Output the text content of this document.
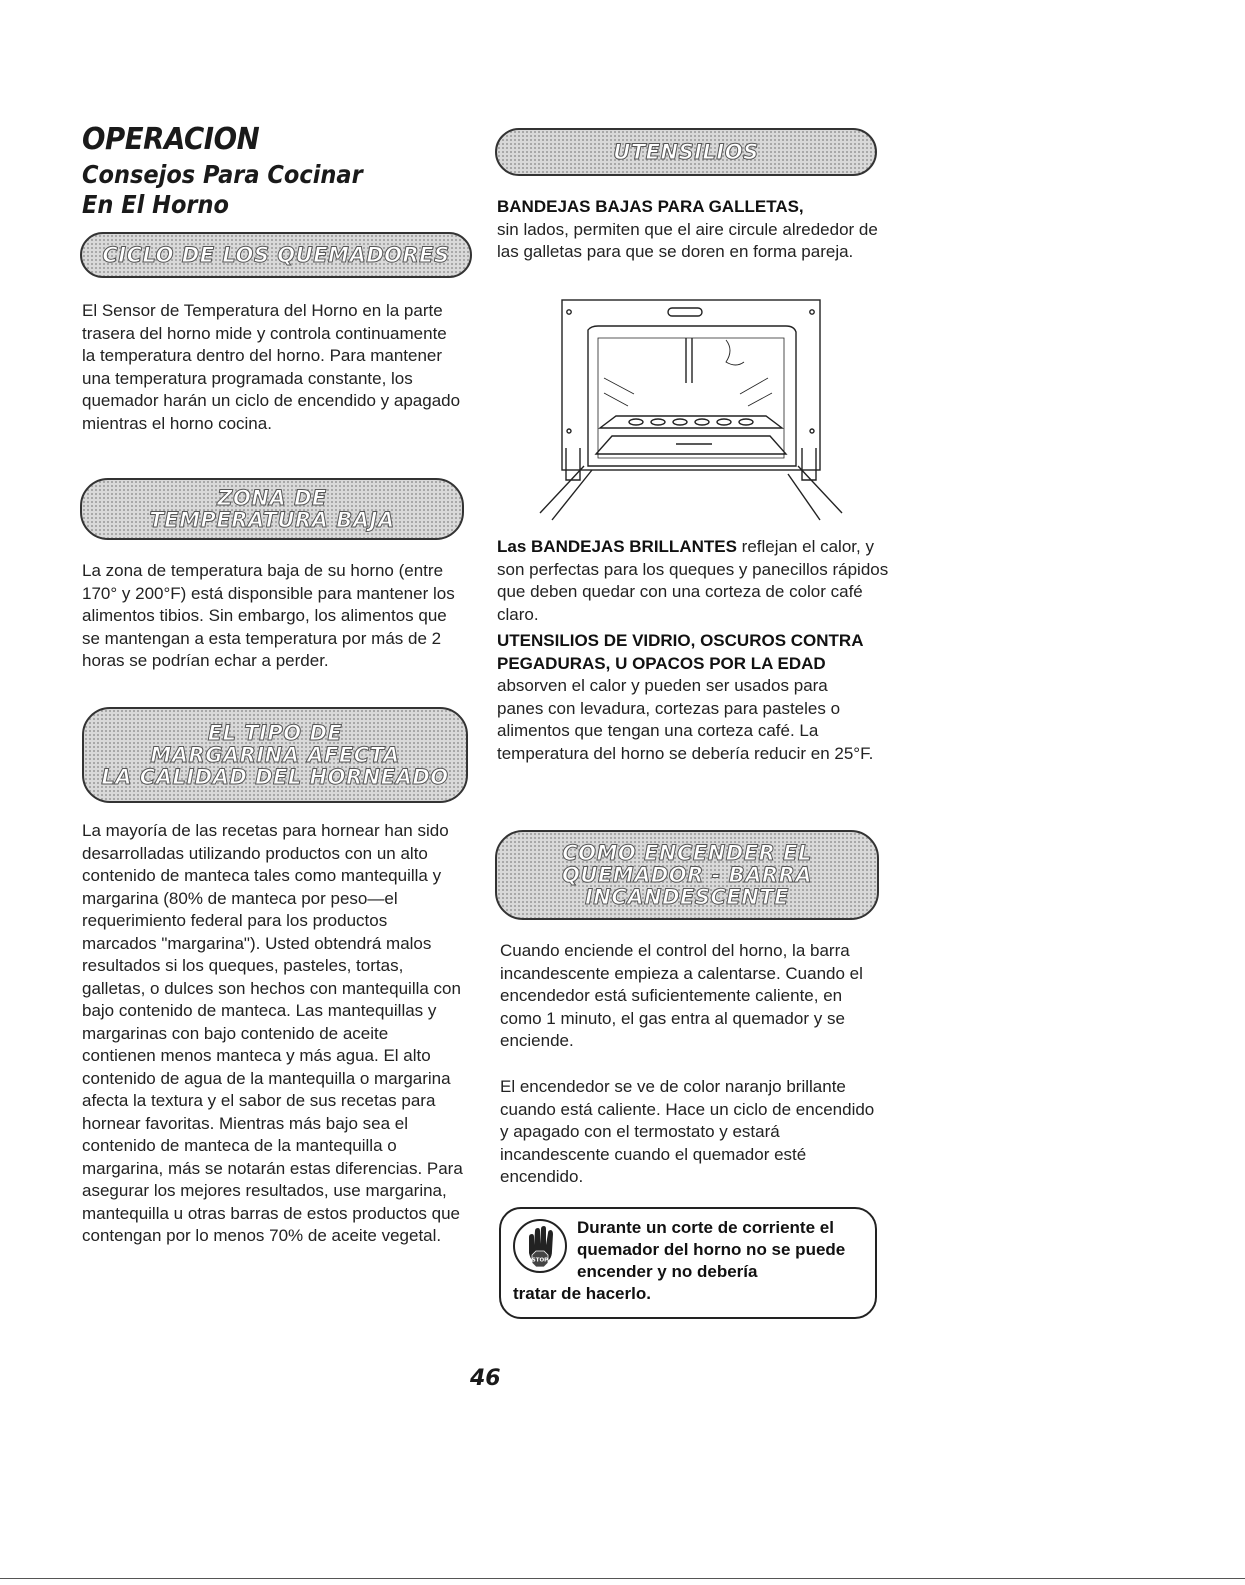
OPERACION
Consejos Para Cocinar
En El Horno
CICLO DE LOS QUEMADORES

El Sensor de Temperatura del Horno en la parte trasera del horno mide y controla continuamente la temperatura dentro del horno. Para mantener una temperatura programada constante, los quemador harán un ciclo de encendido y apagado mientras el horno cocina.

ZONA DE
TEMPERATURA BAJA

La zona de temperatura baja de su horno (entre 170° y 200°F) está disponsible para mantener los alimentos tibios. Sin embargo, los alimentos que se mantengan a esta temperatura por más de 2 horas se podrían echar a perder.

EL TIPO DE
MARGARINA AFECTA
LA CALIDAD DEL HORNEADO

La mayoría de las recetas para hornear han sido desarrolladas utilizando productos con un alto contenido de manteca tales como mantequilla y margarina (80% de manteca por peso—el requerimiento federal para los productos marcados "margarina"). Usted obtendrá malos resultados si los queques, pasteles, tortas, galletas, o dulces son hechos con mantequilla con bajo contenido de manteca. Las mantequillas y margarinas con bajo contenido de aceite contienen menos manteca y más agua. El alto contenido de agua de la mantequilla o margarina afecta la textura y el sabor de sus recetas para hornear favoritas. Mientras más bajo sea el contenido de manteca de la mantequilla o margarina, más se notarán estas diferencias. Para asegurar los mejores resultados, use margarina, mantequilla u otras barras de estos productos que contengan por lo menos 70% de aceite vegetal.

UTENSILIOS

BANDEJAS BAJAS PARA GALLETAS,
sin lados, permiten que el aire circule alrededor de las galletas para que se doren en forma pareja.

Las BANDEJAS BRILLANTES reflejan el calor, y son perfectas para los queques y panecillos rápidos que deben quedar con una corteza de color café claro.

UTENSILIOS DE VIDRIO, OSCUROS CONTRA PEGADURAS, U OPACOS POR LA EDAD absorven el calor y pueden ser usados para panes con levadura, cortezas para pasteles o alimentos que tengan una corteza café. La temperatura del horno se debería reducir en 25°F.

COMO ENCENDER EL
QUEMADOR - BARRA
INCANDESCENTE

Cuando enciende el control del horno, la barra incandescente empieza a calentarse. Cuando el encendedor está suficientemente caliente, en como 1 minuto, el gas entra al quemador y se enciende.

El encendedor se ve de color naranjo brillante cuando está caliente. Hace un ciclo de encendido y apagado con el termostato y estará incandescente cuando el quemador esté encendido.

STOP
Durante un corte de corriente el quemador del horno no se puede encender y no debería
tratar de hacerlo.

46
